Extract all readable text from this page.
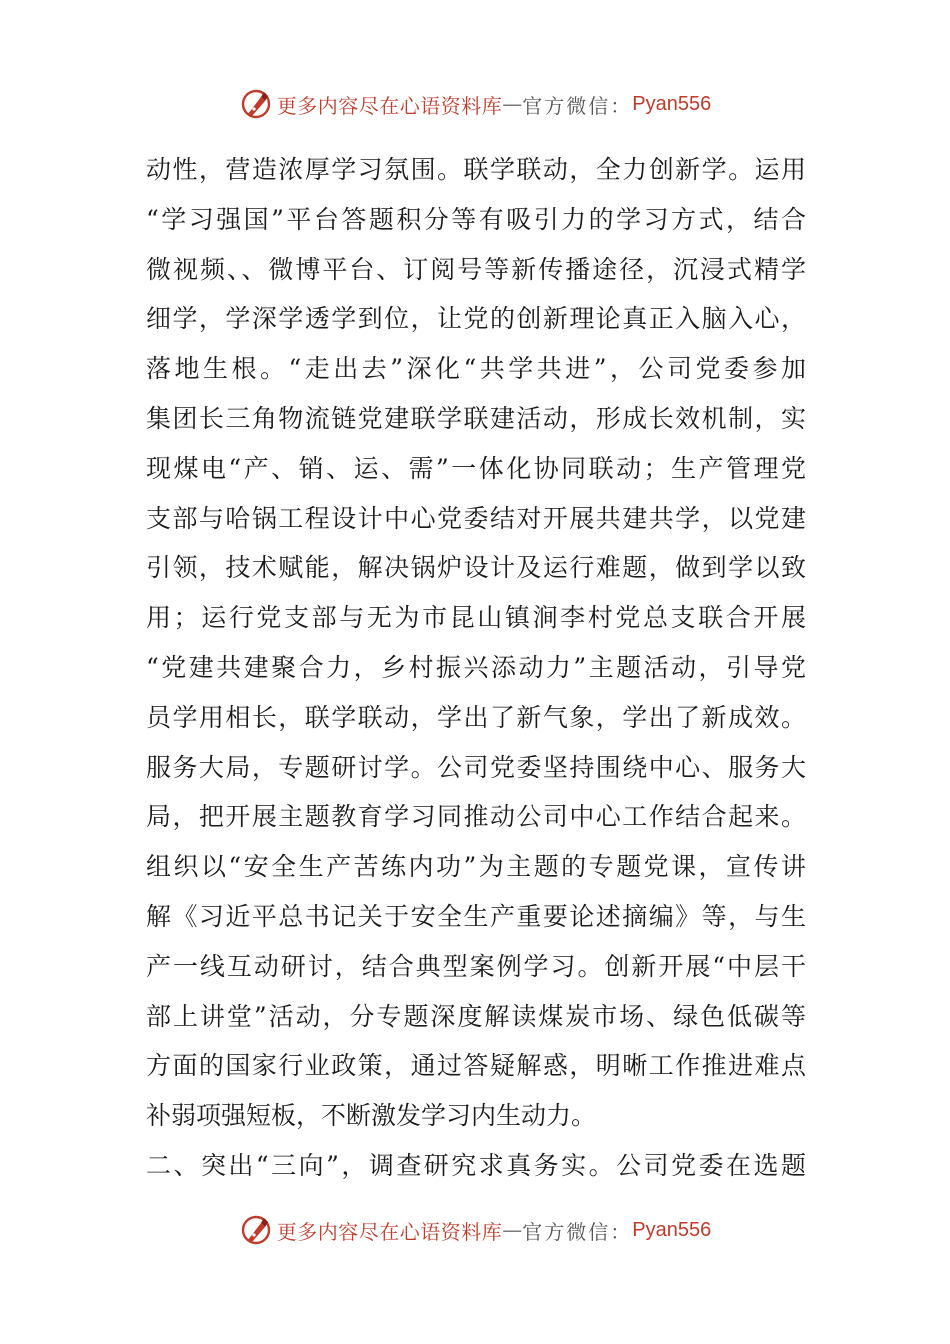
更多内容尽在心语资料库 — 官方微信： Pyan556
动性，营造浓厚学习氛围。联学联动，全力创新学。运用
“学习强国”平台答题积分等有吸引力的学习方式，结合
微视频、、微博平台、订阅号等新传播途径，沉浸式精学
细学，学深学透学到位，让党的创新理论真正入脑入心，
落地生根。“走出去”深化“共学共进”，公司党委参加
集团长三角物流链党建联学联建活动，形成长效机制，实
现煤电“产、销、运、需”一体化协同联动；生产管理党
支部与哈锅工程设计中心党委结对开展共建共学，以党建
引领，技术赋能，解决锅炉设计及运行难题，做到学以致
用；运行党支部与无为市昆山镇涧李村党总支联合开展
“党建共建聚合力，乡村振兴添动力”主题活动，引导党
员学用相长，联学联动，学出了新气象，学出了新成效。
服务大局，专题研讨学。公司党委坚持围绕中心、服务大
局，把开展主题教育学习同推动公司中心工作结合起来。
组织以“安全生产苦练内功”为主题的专题党课，宣传讲
解《习近平总书记关于安全生产重要论述摘编》等，与生
产一线互动研讨，结合典型案例学习。创新开展“中层干
部上讲堂”活动，分专题深度解读煤炭市场、绿色低碳等
方面的国家行业政策，通过答疑解惑，明晰工作推进难点
补弱项强短板，不断激发学习内生动力。
二、突出“三向”，调查研究求真务实。公司党委在选题
更多内容尽在心语资料库 — 官方微信： Pyan556
